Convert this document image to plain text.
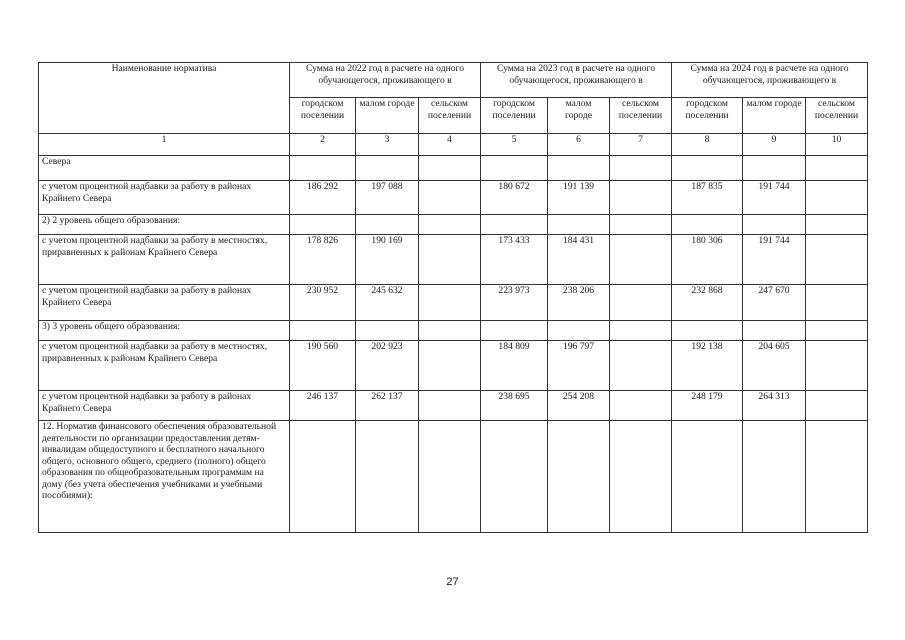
Наименование норматива	Сумма на 2022 год в расчете на одного обучающегося, проживающего в			Сумма на 2023 год в расчете на одного обучающегося, проживающего в			Сумма на 2024 год в расчете на одного обучающегося, проживающего в		
	городском поселении	малом городе	сельском поселении	городском поселении	малом городе	сельском поселении	городском поселении	малом городе	сельском поселении
1	2	3	4	5	6	7	8	9	10
Севера									
с учетом процентной надбавки за работу в районах Крайнего Севера	186 292	197 088		180 672	191 139		187 835	191 744	
2) 2 уровень общего образования:									
с учетом процентной надбавки за работу в местностях, приравненных к районам Крайнего Севера	178 826	190 169		173 433	184 431		180 306	191 744	
с учетом процентной надбавки за работу в районах Крайнего Севера	230 952	245 632		223 973	238 206		232 868	247 670	
3) 3 уровень общего образования:									
с учетом процентной надбавки за работу в местностях, приравненных к районам Крайнего Севера	190 560	202 923		184 809	196 797		192 138	204 605	
с учетом процентной надбавки за работу в районах Крайнего Севера	246 137	262 137		238 695	254 208		248 179	264 313	
12. Норматив финансового обеспечения образовательной деятельности по организации предоставления детям-инвалидам общедоступного и бесплатного начального общего, основного общего, среднего (полного) общего образования по общеобразовательным программам на дому (без учета обеспечения учебниками и учебными пособиями):									
27
